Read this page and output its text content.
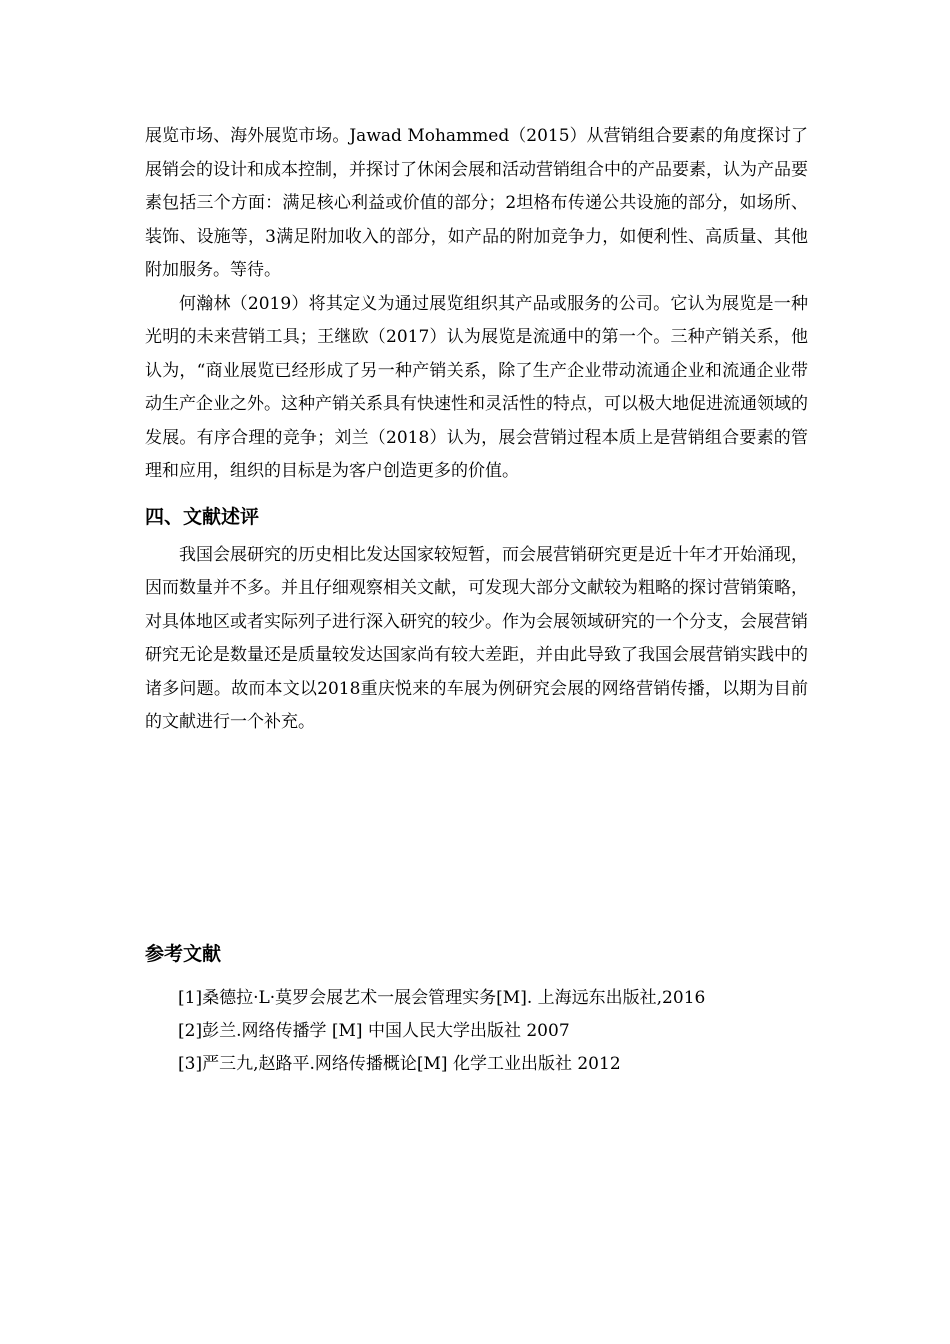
展览市场、海外展览市场。Jawad Mohammed（2015）从营销组合要素的角度探讨了展销会的设计和成本控制，并探讨了休闲会展和活动营销组合中的产品要素，认为产品要素包括三个方面：满足核心利益或价值的部分；2坦格布传递公共设施的部分，如场所、装饰、设施等，3满足附加收入的部分，如产品的附加竞争力，如便利性、高质量、其他附加服务。等待。

何瀚林（2019）将其定义为通过展览组织其产品或服务的公司。它认为展览是一种光明的未来营销工具；王继欧（2017）认为展览是流通中的第一个。三种产销关系，他认为，“商业展览已经形成了另一种产销关系，除了生产企业带动流通企业和流通企业带动生产企业之外。这种产销关系具有快速性和灵活性的特点，可以极大地促进流通领域的发展。有序合理的竞争；刘兰（2018）认为，展会营销过程本质上是营销组合要素的管理和应用，组织的目标是为客户创造更多的价值。

四、文献述评

我国会展研究的历史相比发达国家较短暂，而会展营销研究更是近十年才开始涌现，因而数量并不多。并且仔细观察相关文献，可发现大部分文献较为粗略的探讨营销策略，对具体地区或者实际列子进行深入研究的较少。作为会展领域研究的一个分支，会展营销研究无论是数量还是质量较发达国家尚有较大差距，并由此导致了我国会展营销实践中的诸多问题。故而本文以2018重庆悦来的车展为例研究会展的网络营销传播，以期为目前的文献进行一个补充。

参考文献
[1]桑德拉·L·莫罗会展艺术一展会管理实务[M]. 上海远东出版社,2016
[2]彭兰.网络传播学 [M] 中国人民大学出版社 2007
[3]严三九,赵路平.网络传播概论[M] 化学工业出版社 2012
